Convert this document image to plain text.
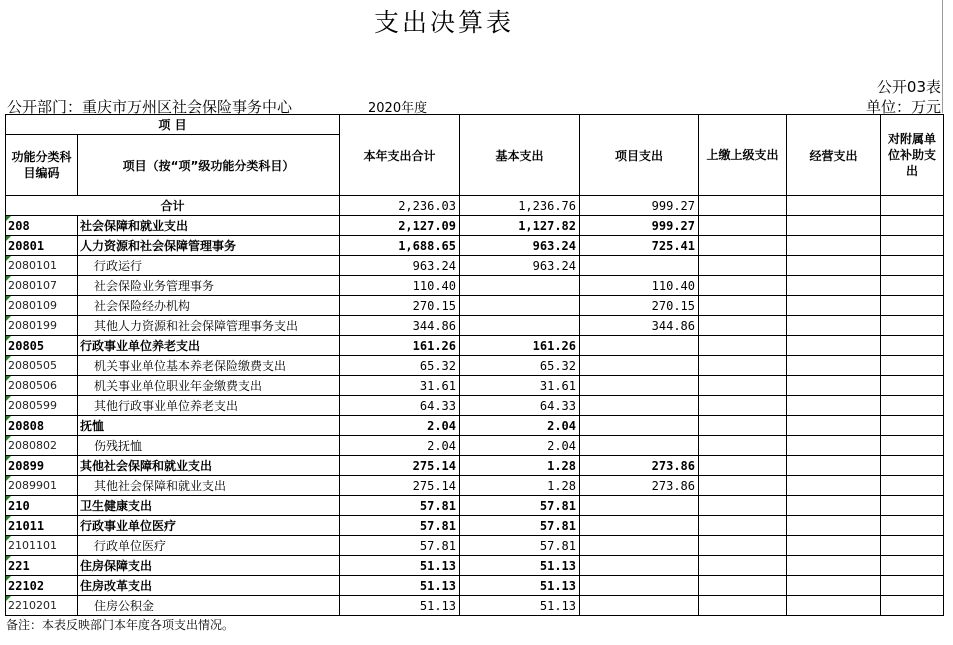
支出决算表
公开03表
公开部门：重庆市万州区社会保险事务中心	2020年度	单位：万元
项 目		本年支出合计	基本支出	项目支出	上缴上级支出	经营支出	对附属单位补助支出
功能分类科目编码	项目（按“项”级功能分类科目）						
合计		2,236.03	1,236.76	999.27			
208	社会保障和就业支出	2,127.09	1,127.82	999.27			
20801	人力资源和社会保障管理事务	1,688.65	963.24	725.41			
2080101	行政运行	963.24	963.24				
2080107	社会保险业务管理事务	110.40		110.40			
2080109	社会保险经办机构	270.15		270.15			
2080199	其他人力资源和社会保障管理事务支出	344.86		344.86			
20805	行政事业单位养老支出	161.26	161.26				
2080505	机关事业单位基本养老保险缴费支出	65.32	65.32				
2080506	机关事业单位职业年金缴费支出	31.61	31.61				
2080599	其他行政事业单位养老支出	64.33	64.33				
20808	抚恤	2.04	2.04				
2080802	伤残抚恤	2.04	2.04				
20899	其他社会保障和就业支出	275.14	1.28	273.86			
2089901	其他社会保障和就业支出	275.14	1.28	273.86			
210	卫生健康支出	57.81	57.81				
21011	行政事业单位医疗	57.81	57.81				
2101101	行政单位医疗	57.81	57.81				
221	住房保障支出	51.13	51.13				
22102	住房改革支出	51.13	51.13				
2210201	住房公积金	51.13	51.13				
备注：本表反映部门本年度各项支出情况。
